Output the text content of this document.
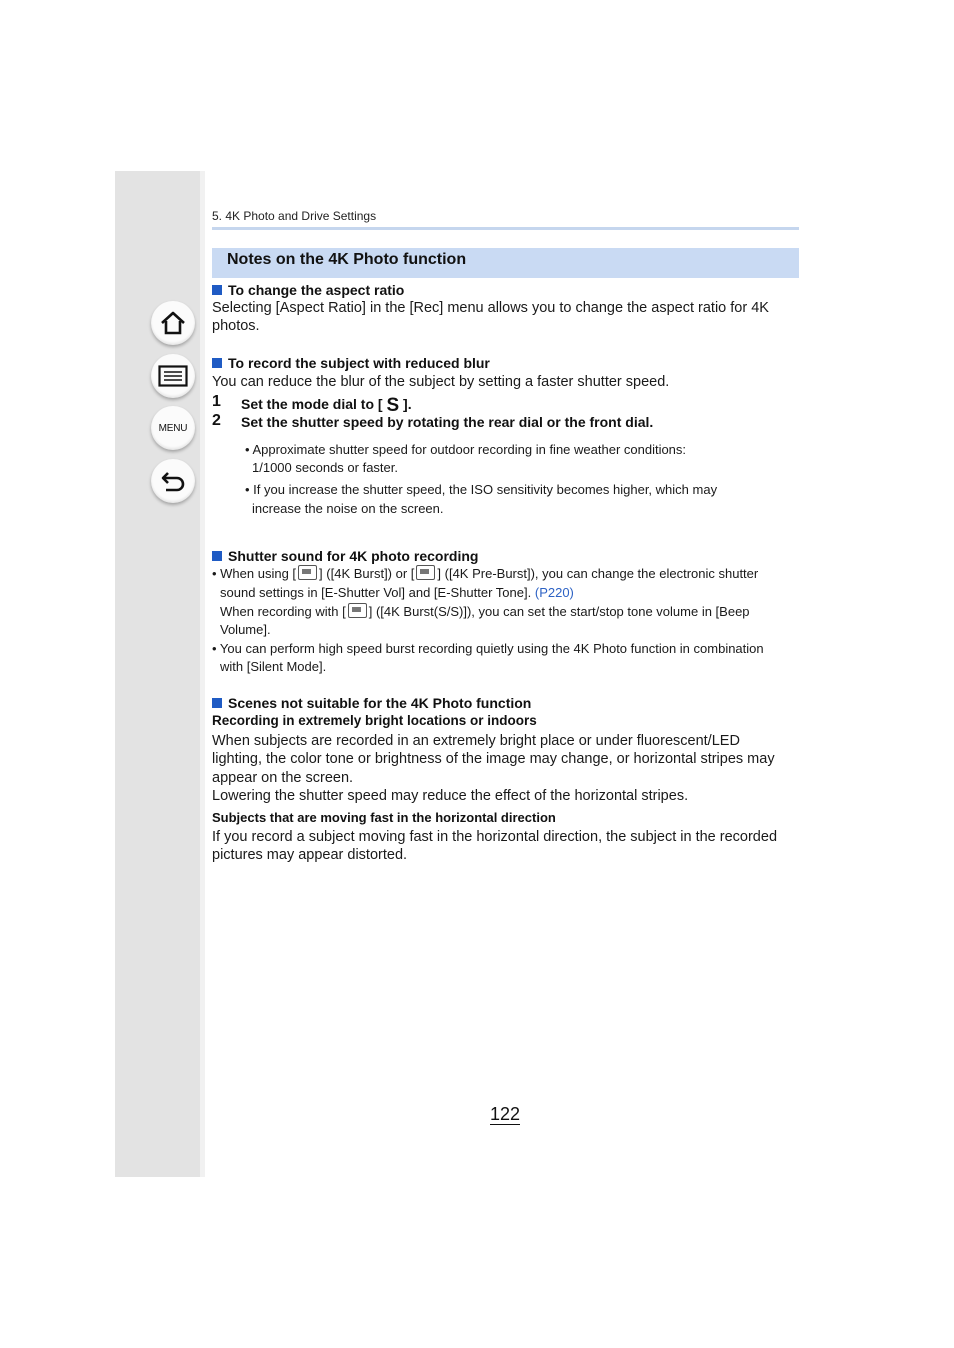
MENU
5. 4K Photo and Drive Settings
Notes on the 4K Photo function
To change the aspect ratio
Selecting [Aspect Ratio] in the [Rec] menu allows you to change the aspect ratio for 4K
photos.
To record the subject with reduced blur
You can reduce the blur of the subject by setting a faster shutter speed.
1 Set the mode dial to [ S ].
2 Set the shutter speed by rotating the rear dial or the front dial.
• Approximate shutter speed for outdoor recording in fine weather conditions:
1/1000 seconds or faster.
• If you increase the shutter speed, the ISO sensitivity becomes higher, which may
increase the noise on the screen.
Shutter sound for 4K photo recording
• When using [ ] ([4K Burst]) or [ ] ([4K Pre-Burst]), you can change the electronic shutter
sound settings in [E-Shutter Vol] and [E-Shutter Tone]. (P220)
When recording with [ ] ([4K Burst(S/S)]), you can set the start/stop tone volume in [Beep
Volume].
• You can perform high speed burst recording quietly using the 4K Photo function in combination
with [Silent Mode].
Scenes not suitable for the 4K Photo function
Recording in extremely bright locations or indoors
When subjects are recorded in an extremely bright place or under fluorescent/LED
lighting, the color tone or brightness of the image may change, or horizontal stripes may
appear on the screen.
Lowering the shutter speed may reduce the effect of the horizontal stripes.
Subjects that are moving fast in the horizontal direction
If you record a subject moving fast in the horizontal direction, the subject in the recorded
pictures may appear distorted.
122
